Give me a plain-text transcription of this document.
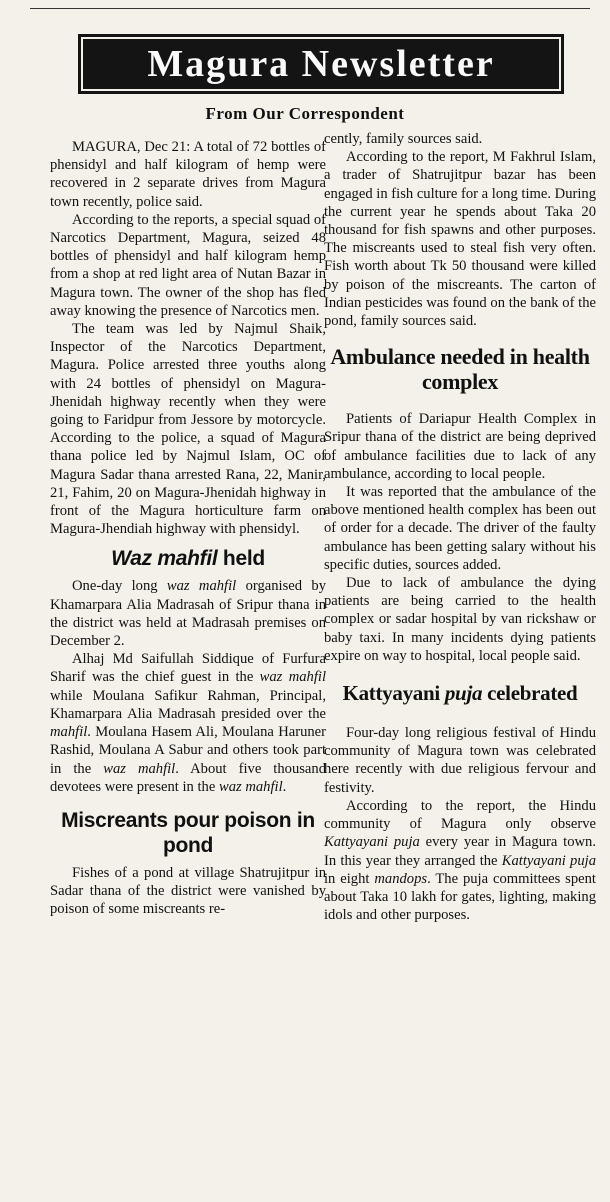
Magura Newsletter
From Our Correspondent

MAGURA, Dec 21: A total of 72 bottles of phensidyl and half kilogram of hemp were recovered in 2 separate drives from Magura town recently, police said.

According to the reports, a special squad of Narcotics Department, Magura, seized 48 bottles of phensidyl and half kilogram hemp from a shop at red light area of Nutan Bazar in Magura town. The owner of the shop has fled away knowing the presence of Narcotics men.

The team was led by Najmul Shaik, Inspector of the Narcotics Department, Magura. Police arrested three youths along with 24 bottles of phensidyl on Magura-Jhenidah highway recently when they were going to Faridpur from Jessore by motorcycle. According to the police, a squad of Magura thana police led by Najmul Islam, OC of Magura Sadar thana arrested Rana, 22, Manir, 21, Fahim, 20 on Magura-Jhenidah highway in front of the Magura horticulture farm on Magura-Jhendiah highway with phensidyl.

Waz mahfil held

One-day long waz mahfil organised by Khamarpara Alia Madrasah of Sripur thana in the district was held at Madrasah premises on December 2.

Alhaj Md Saifullah Siddique of Furfura Sharif was the chief guest in the waz mahfil while Moulana Safikur Rahman, Principal, Khamarpara Alia Madrasah presided over the mahfil. Moulana Hasem Ali, Moulana Haruner Rashid, Moulana A Sabur and others took part in the waz mahfil. About five thousand devotees were present in the waz mahfil.

Miscreants pour poison in pond

Fishes of a pond at village Shatrujitpur in Sadar thana of the district were vanished by poison of some miscreants re-

cently, family sources said.

According to the report, M Fakhrul Islam, a trader of Shatrujitpur bazar has been engaged in fish culture for a long time. During the current year he spends about Taka 20 thousand for fish spawns and other purposes. The miscreants used to steal fish very often. Fish worth about Tk 50 thousand were killed by poison of the miscreants. The carton of Indian pesticides was found on the bank of the pond, family sources said.

Ambulance needed in health complex

Patients of Dariapur Health Complex in Sripur thana of the district are being deprived of ambulance facilities due to lack of any ambulance, according to local people.

It was reported that the ambulance of the above mentioned health complex has been out of order for a decade. The driver of the faulty ambulance has been getting salary without his specific duties, sources added.

Due to lack of ambulance the dying patients are being carried to the health complex or sadar hospital by van rickshaw or baby taxi. In many incidents dying patients expire on way to hospital, local people said.

Kattyayani puja celebrated

Four-day long religious festival of Hindu community of Magura town was celebrated here recently with due religious fervour and festivity.

According to the report, the Hindu community of Magura only observe Kattyayani puja every year in Magura town. In this year they arranged the Kattyayani puja in eight mandops. The puja committees spent about Taka 10 lakh for gates, lighting, making idols and other purposes.
